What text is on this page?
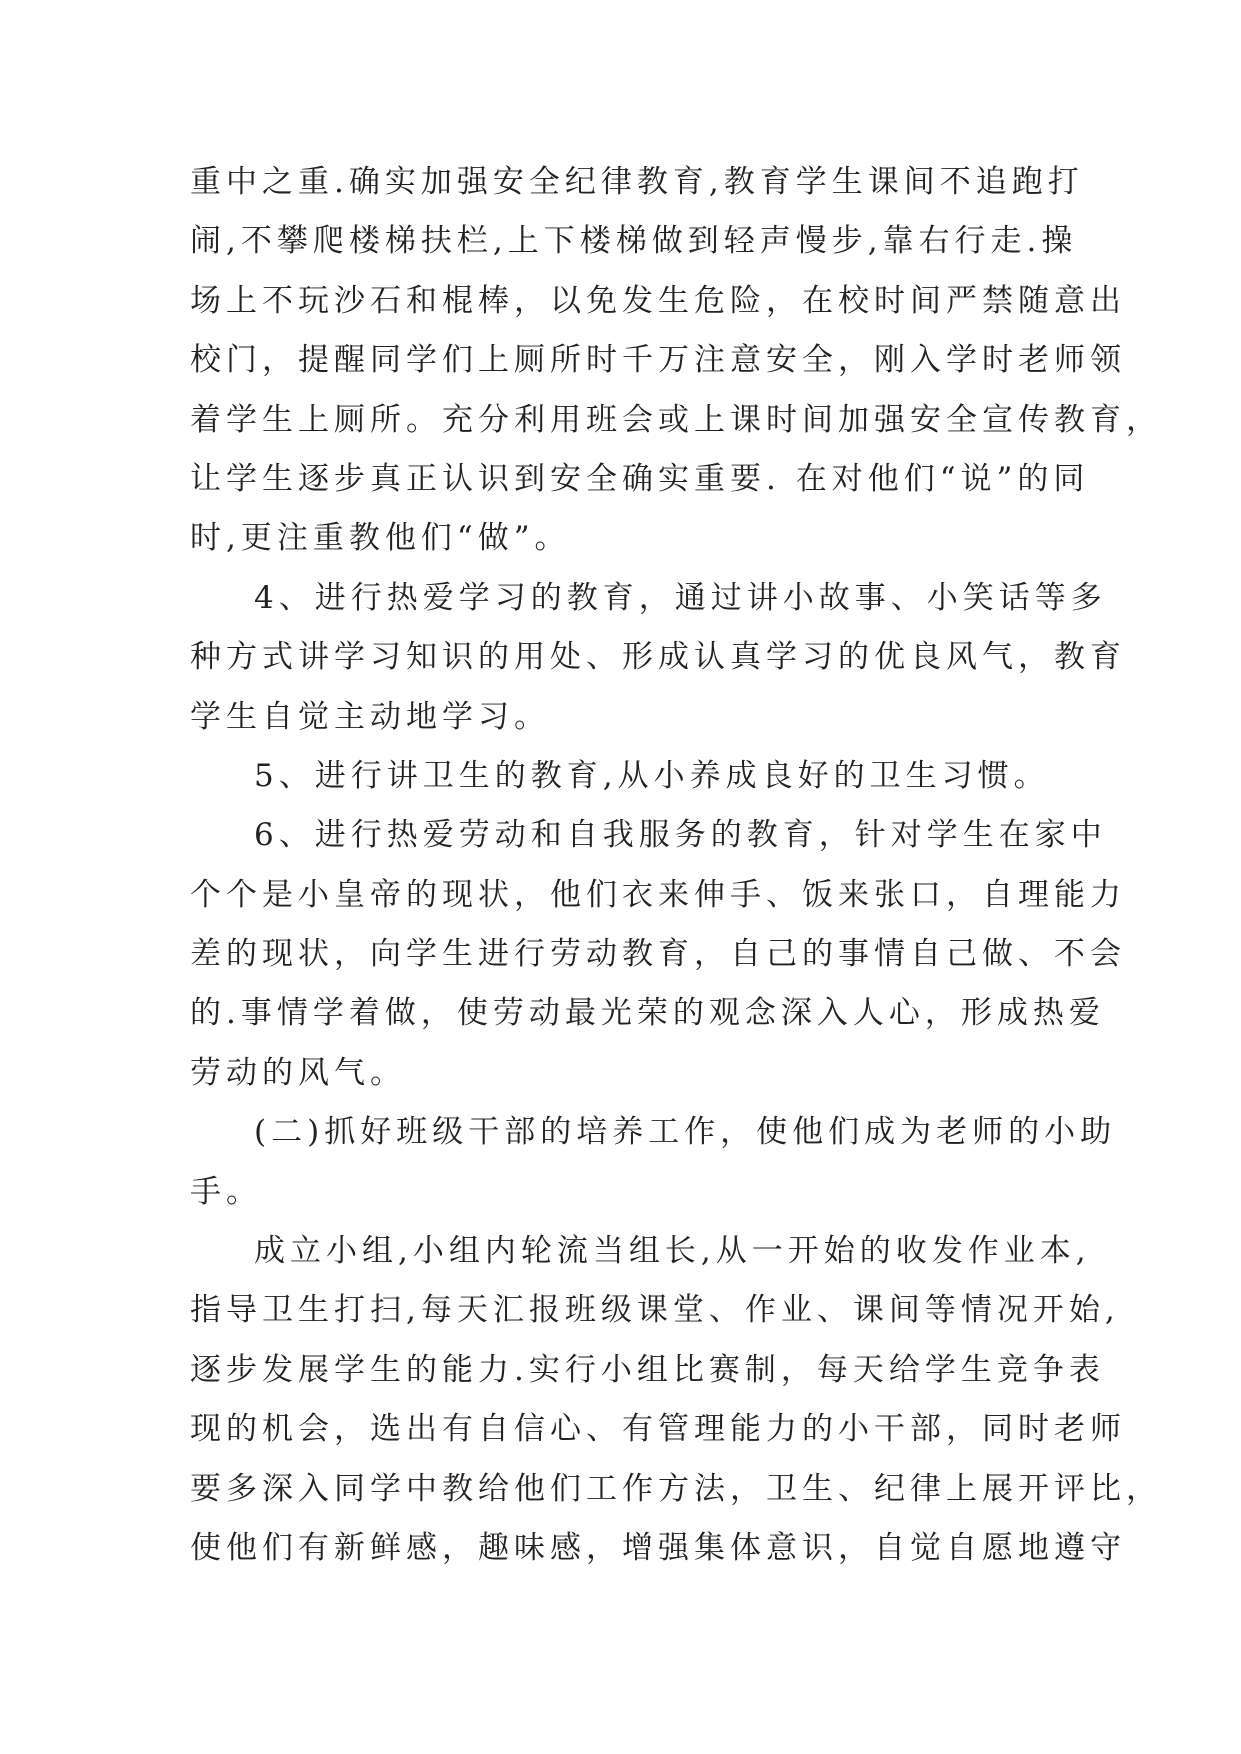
重中之重.确实加强安全纪律教育,教育学生课间不追跑打
闹,不攀爬楼梯扶栏,上下楼梯做到轻声慢步,靠右行走.操
场上不玩沙石和棍棒，以免发生危险，在校时间严禁随意出
校门，提醒同学们上厕所时千万注意安全，刚入学时老师领
着学生上厕所。充分利用班会或上课时间加强安全宣传教育，
让学生逐步真正认识到安全确实重要. 在对他们“说”的同
时,更注重教他们“做”。
4、进行热爱学习的教育，通过讲小故事、小笑话等多
种方式讲学习知识的用处、形成认真学习的优良风气，教育
学生自觉主动地学习。
5、进行讲卫生的教育,从小养成良好的卫生习惯。
6、进行热爱劳动和自我服务的教育，针对学生在家中
个个是小皇帝的现状，他们衣来伸手、饭来张口，自理能力
差的现状，向学生进行劳动教育，自己的事情自己做、不会
的.事情学着做，使劳动最光荣的观念深入人心，形成热爱
劳动的风气。
(二)抓好班级干部的培养工作，使他们成为老师的小助
手。
成立小组,小组内轮流当组长,从一开始的收发作业本,
指导卫生打扫,每天汇报班级课堂、作业、课间等情况开始,
逐步发展学生的能力.实行小组比赛制，每天给学生竞争表
现的机会，选出有自信心、有管理能力的小干部，同时老师
要多深入同学中教给他们工作方法，卫生、纪律上展开评比，
使他们有新鲜感，趣味感，增强集体意识，自觉自愿地遵守
